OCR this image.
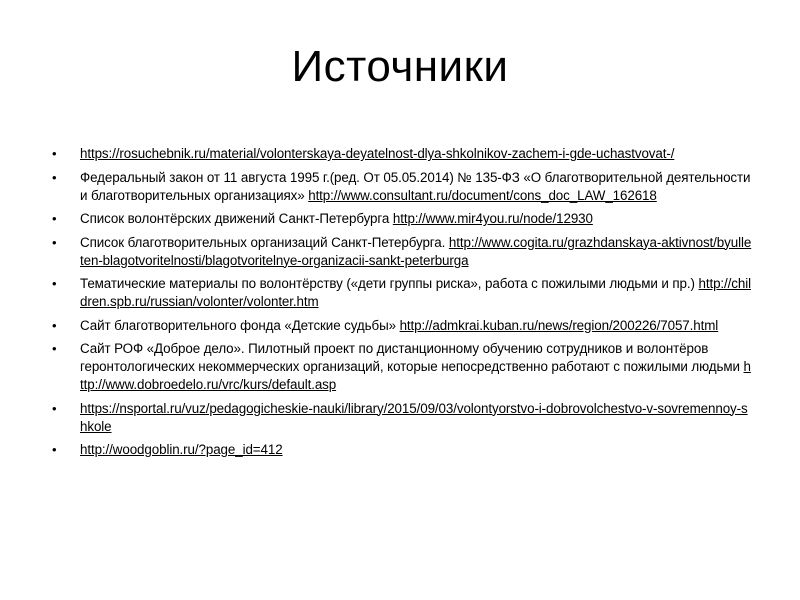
Источники
• https://rosuchebnik.ru/material/volonterskaya-deyatelnost-dlya-shkolnikov-zachem-i-gde-uchastvovat-/
• Федеральный закон от 11 августа 1995 г.(ред. От 05.05.2014) № 135-ФЗ «О благотворительной деятельности и благотворительных организациях» http://www.consultant.ru/document/cons_doc_LAW_162618
• Список волонтёрских движений Санкт-Петербурга http://www.mir4you.ru/node/12930
• Список благотворительных организаций Санкт-Петербурга. http://www.cogita.ru/grazhdanskaya-aktivnost/byulleten-blagotvoritelnosti/blagotvoritelnye-organizacii-sankt-peterburga
• Тематические материалы по волонтёрству («дети группы риска», работа с пожилыми людьми и пр.) http://children.spb.ru/russian/volonter/volonter.htm
• Сайт благотворительного фонда «Детские судьбы» http://admkrai.kuban.ru/news/region/200226/7057.html
• Сайт РОФ «Доброе дело». Пилотный проект по дистанционному обучению сотрудников и волонтёров геронтологических некоммерческих организаций, которые непосредственно работают с пожилыми людьми http://www.dobroedelo.ru/vrc/kurs/default.asp
• https://nsportal.ru/vuz/pedagogicheskie-nauki/library/2015/09/03/volontyorstvo-i-dobrovolchestvo-v-sovremennoy-shkole
• http://woodgoblin.ru/?page_id=412
